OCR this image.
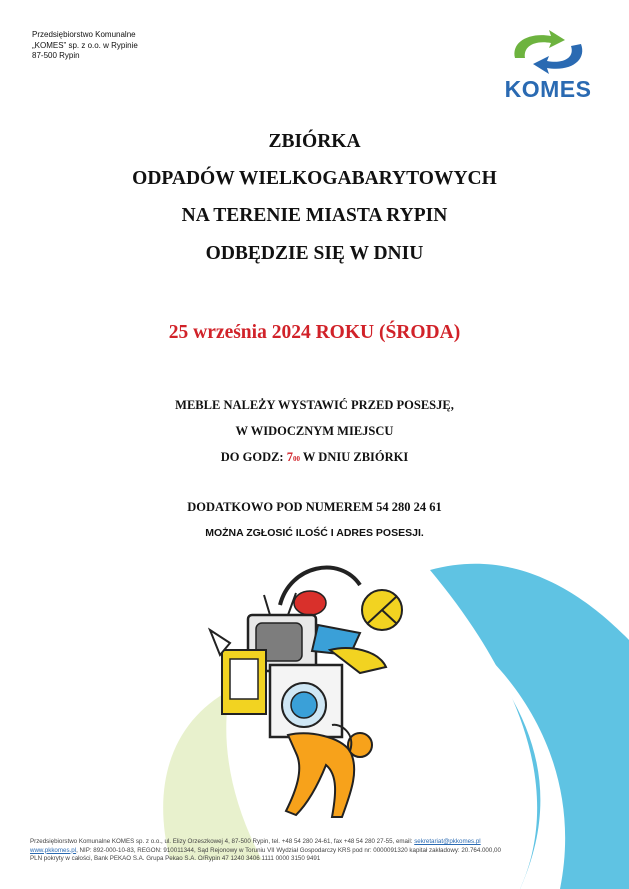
Przedsiębiorstwo Komunalne
„KOMES” sp. z o.o. w Rypinie
87-500 Rypin
KOMES
ZBIÓRKA
ODPADÓW WIELKOGABARYTOWYCH
NA TERENIE MIASTA RYPIN
ODBĘDZIE SIĘ W DNIU
25 września 2024 ROKU (ŚRODA)
MEBLE NALEŻY WYSTAWIĆ PRZED POSESJĘ,
W WIDOCZNYM MIEJSCU
DO GODZ: 700 W DNIU ZBIÓRKI
DODATKOWO POD NUMEREM 54 280 24 61
MOŻNA ZGŁOSIĆ ILOŚĆ I ADRES POSESJI.
Przedsiębiorstwo Komunalne KOMES sp. z o.o., ul. Elizy Orzeszkowej 4, 87-500 Rypin, tel. +48 54 280 24-61, fax +48 54 280 27-55, email: sekretariat@pkkomes.pl
www.pkkomes.pl, NIP: 892-000-10-83, REGON: 910011344, Sąd Rejonowy w Toruniu VII Wydział Gospodarczy KRS pod nr: 0000091320 kapitał zakładowy: 20.764.000,00
PLN pokryty w całości, Bank PEKAO S.A. Grupa Pekao S.A. O/Rypin 47 1240 3406 1111 0000 3150 9491
